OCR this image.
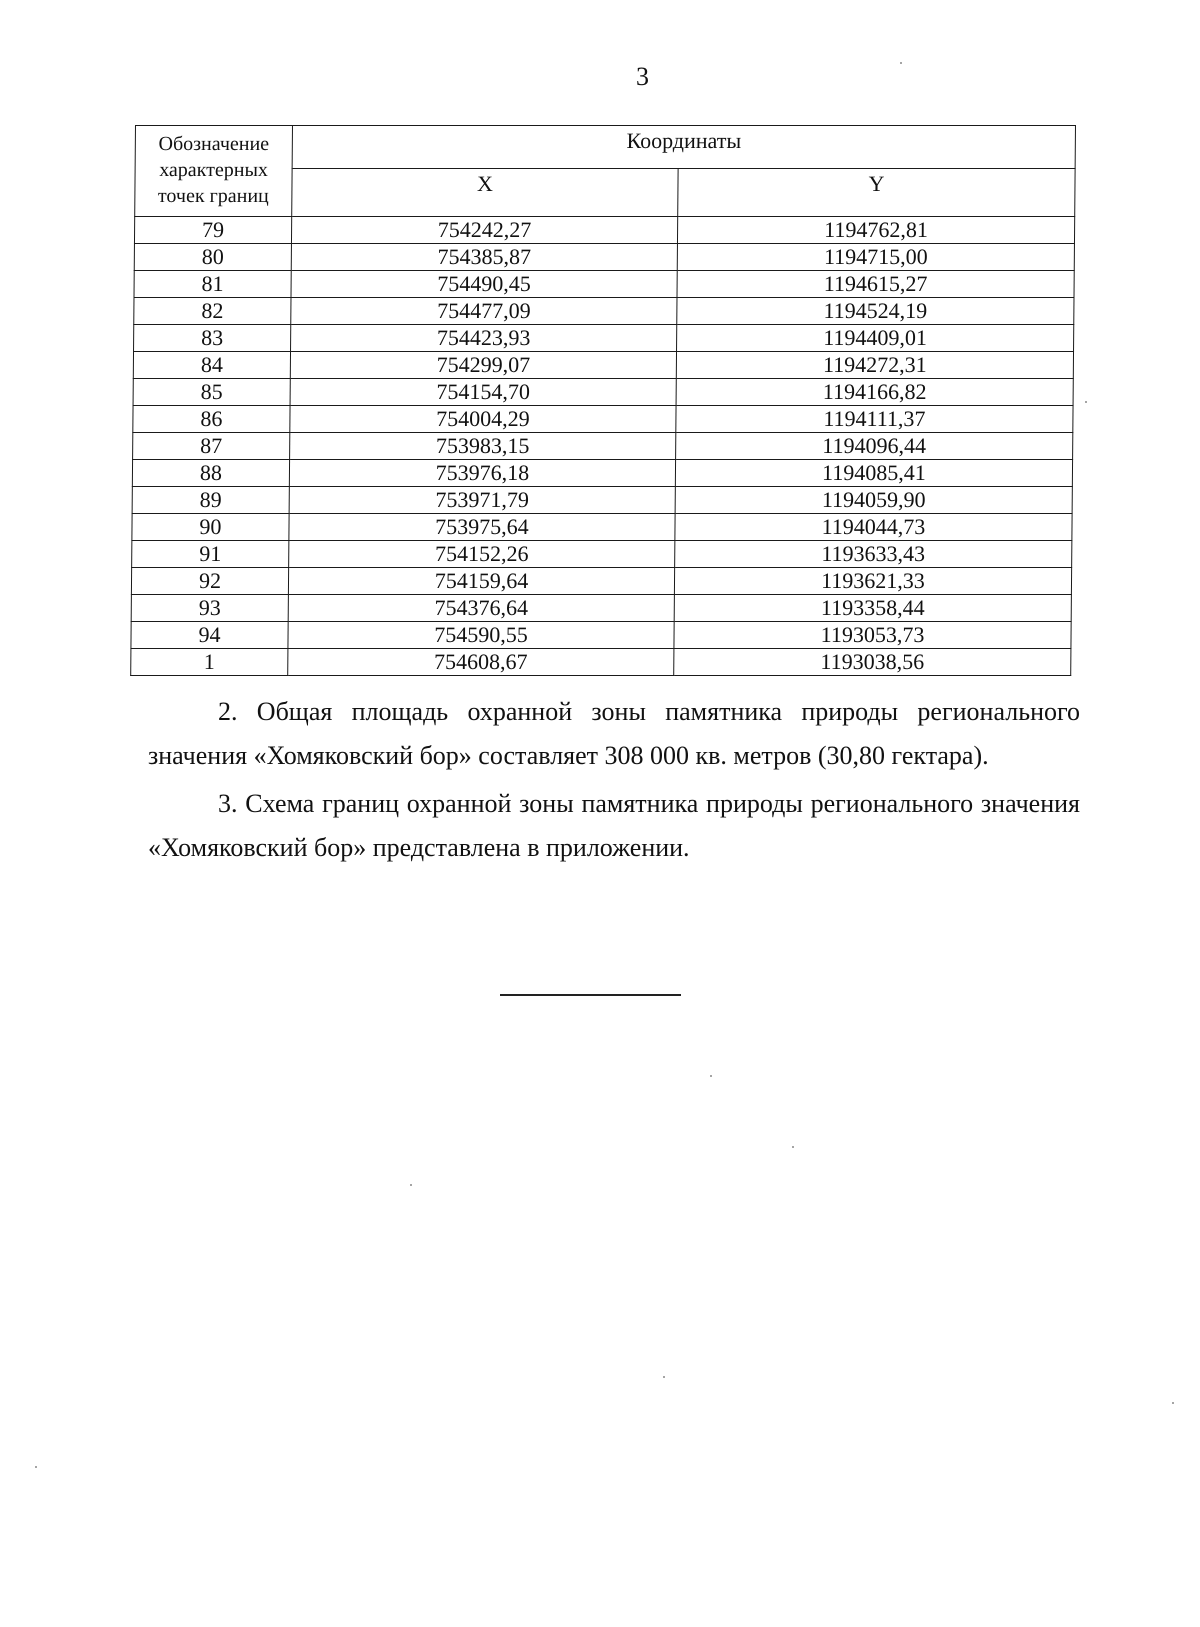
3
Обозначение характерных точек границ	Координаты	
	X	Y
79	754242,27	1194762,81
80	754385,87	1194715,00
81	754490,45	1194615,27
82	754477,09	1194524,19
83	754423,93	1194409,01
84	754299,07	1194272,31
85	754154,70	1194166,82
86	754004,29	1194111,37
87	753983,15	1194096,44
88	753976,18	1194085,41
89	753971,79	1194059,90
90	753975,64	1194044,73
91	754152,26	1193633,43
92	754159,64	1193621,33
93	754376,64	1193358,44
94	754590,55	1193053,73
1	754608,67	1193038,56

2. Общая площадь охранной зоны памятника природы регионального значения «Хомяковский бор» составляет 308 000 кв. метров (30,80 гектара).

3. Схема границ охранной зоны памятника природы регионального значения «Хомяковский бор» представлена в приложении.
